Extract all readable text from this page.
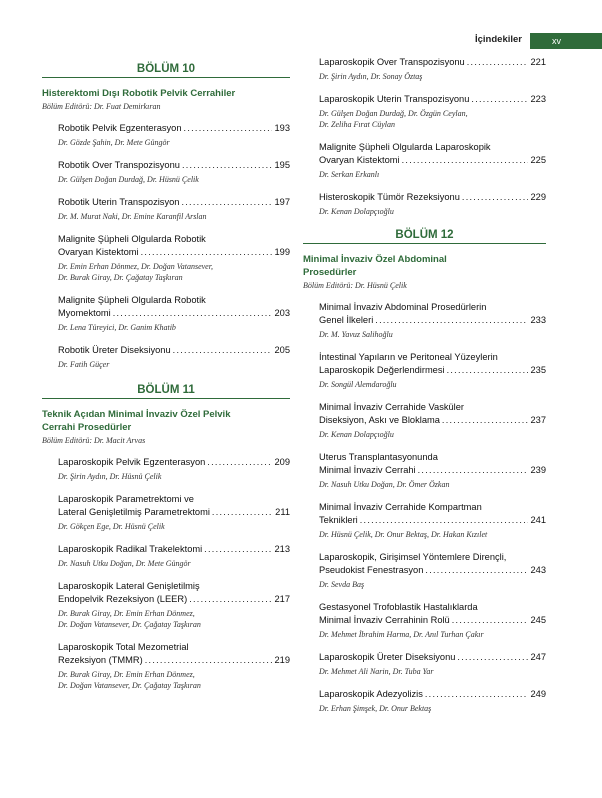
İçindekiler	xv
BÖLÜM 10
Histerektomi Dışı Robotik Pelvik Cerrahiler
Bölüm Editörü: Dr. Fuat Demirkıran
Robotik Pelvik Egzenterasyon . . .	193
Dr. Gözde Şahin, Dr. Mete Güngör
Robotik Over Transpozisyonu . . .	195
Dr. Gülşen Doğan Durdağ, Dr. Hüsnü Çelik
Robotik Uterin Transpozisyon . . .	197
Dr. M. Murat Naki, Dr. Emine Karanfil Arslan
Malignite Şüpheli Olgularda Robotik
Ovaryan Kistektomi . . .	199
Dr. Emin Erhan Dönmez, Dr. Doğan Vatansever,
Dr. Burak Giray, Dr. Çağatay Taşkıran
Malignite Şüpheli Olgularda Robotik
Myomektomi . . .	203
Dr. Lena Türeyici, Dr. Ganim Khatib
Robotik Üreter Diseksiyonu . . .	205
Dr. Fatih Güçer
BÖLÜM 11
Teknik Açıdan Minimal İnvaziv Özel Pelvik
Cerrahi Prosedürler
Bölüm Editörü: Dr. Macit Arvas
Laparoskopik Pelvik Egzenterasyon . . .	209
Dr. Şirin Aydın, Dr. Hüsnü Çelik
Laparoskopik Parametrektomi ve
Lateral Genişletilmiş Parametrektomi . . .	211
Dr. Gökçen Ege, Dr. Hüsnü Çelik
Laparoskopik Radikal Trakelektomi . . .	213
Dr. Nasuh Utku Doğan, Dr. Mete Güngör
Laparoskopik Lateral Genişletilmiş
Endopelvik Rezeksiyon (LEER) . . .	217
Dr. Burak Giray, Dr. Emin Erhan Dönmez,
Dr. Doğan Vatansever, Dr. Çağatay Taşkıran
Laparoskopik Total Mezometrial
Rezeksiyon (TMMR) . . .	219
Dr. Burak Giray, Dr. Emin Erhan Dönmez,
Dr. Doğan Vatansever, Dr. Çağatay Taşkıran
Laparoskopik Over Transpozisyonu . . .	221
Dr. Şirin Aydın, Dr. Sonay Öztaş
Laparoskopik Uterin Transpozisyonu . . .	223
Dr. Gülşen Doğan Durdağ, Dr. Özgün Ceylan,
Dr. Zeliha Fırat Cüylan
Malignite Şüpheli Olgularda Laparoskopik
Ovaryan Kistektomi . . .	225
Dr. Serkan Erkanlı
Histeroskopik Tümör Rezeksiyonu . . .	229
Dr. Kenan Dolapçıoğlu
BÖLÜM 12
Minimal İnvaziv Özel Abdominal
Prosedürler
Bölüm Editörü: Dr. Hüsnü Çelik
Minimal İnvaziv Abdominal Prosedürlerin
Genel İlkeleri . . .	233
Dr. M. Yavuz Salihoğlu
İntestinal Yapıların ve Peritoneal Yüzeylerin
Laparoskopik Değerlendirmesi . . .	235
Dr. Songül Alemdaroğlu
Minimal İnvaziv Cerrahide Vasküler
Diseksiyon, Askı ve Bloklama . . .	237
Dr. Kenan Dolapçıoğlu
Uterus Transplantasyonunda
Minimal İnvaziv Cerrahi . . .	239
Dr. Nasuh Utku Doğan, Dr. Ömer Özkan
Minimal İnvaziv Cerrahide Kompartman
Teknikleri . . .	241
Dr. Hüsnü Çelik, Dr. Onur Bektaş, Dr. Hakan Kızılet
Laparoskopik, Girişimsel Yöntemlere Dirençli,
Pseudokist Fenestrasyon . . .	243
Dr. Sevda Baş
Gestasyonel Trofoblastik Hastalıklarda
Minimal İnvaziv Cerrahinin Rolü . . .	245
Dr. Mehmet İbrahim Harma, Dr. Anıl Turhan Çakır
Laparoskopik Üreter Diseksiyonu . . .	247
Dr. Mehmet Ali Narin, Dr. Tuba Yar
Laparoskopik Adezyolizis . . .	249
Dr. Erhan Şimşek, Dr. Onur Bektaş
